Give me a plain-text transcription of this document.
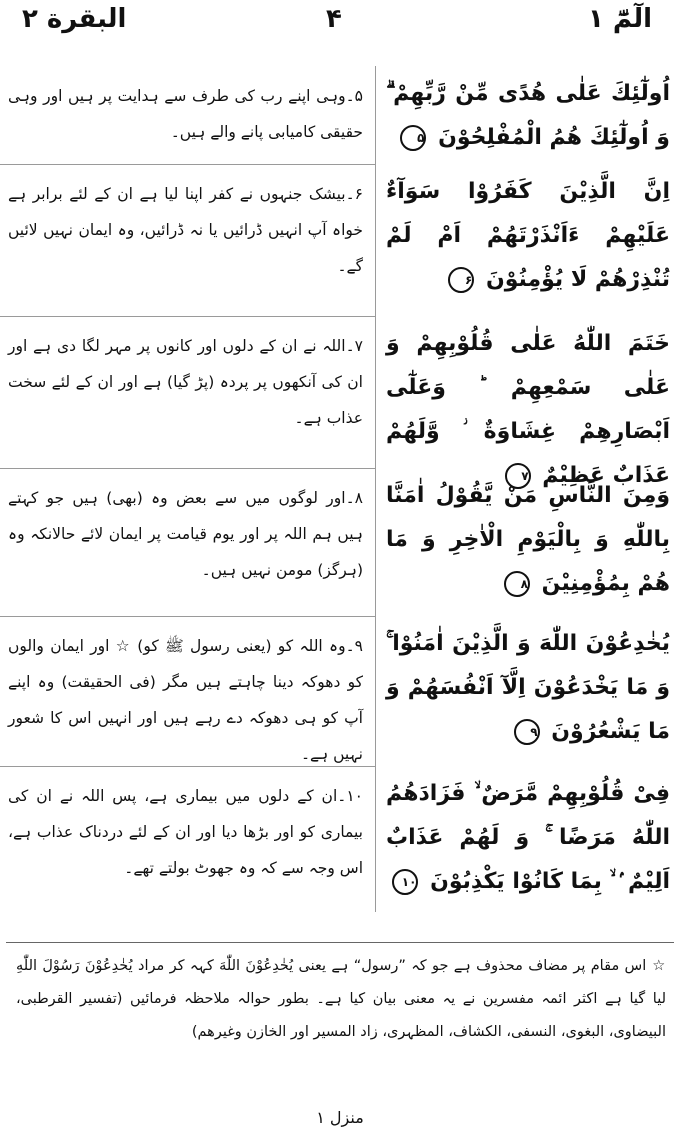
البقرة ۲	۴	الٓمّٓ ۱
اُولٰٓئِكَ عَلٰى هُدًى مِّنْ رَّبِّهِمْ ۗ وَ اُولٰٓئِكَ هُمُ الْمُفْلِحُوْنَ ۵
۵۔وہی اپنے رب کی طرف سے ہدایت پر ہیں اور وہی حقیقی کامیابی پانے والے ہیں۔
اِنَّ الَّذِيْنَ كَفَرُوْا سَوَآءٌ عَلَيْهِمْ ءَاَنْذَرْتَهُمْ اَمْ لَمْ تُنْذِرْهُمْ لَا يُؤْمِنُوْنَ ۶
۶۔بیشک جنہوں نے کفر اپنا لیا ہے ان کے لئے برابر ہے خواہ آپ انہیں ڈرائیں یا نہ ڈرائیں، وہ ایمان نہیں لائیں گے۔
خَتَمَ اللّٰهُ عَلٰى قُلُوْبِهِمْ وَ عَلٰى سَمْعِهِمْ ؕ وَعَلٰٓى اَبْصَارِهِمْ غِشَاوَةٌ ؗ وَّلَهُمْ عَذَابٌ عَظِيْمٌ ۷
۷۔اللہ نے ان کے دلوں اور کانوں پر مہر لگا دی ہے اور ان کی آنکھوں پر پردہ (پڑ گیا) ہے اور ان کے لئے سخت عذاب ہے۔
وَمِنَ النَّاسِ مَنْ يَّقُوْلُ اٰمَنَّا بِاللّٰهِ وَ بِالْيَوْمِ الْاٰخِرِ وَ مَا هُمْ بِمُؤْمِنِيْنَ ۸
۸۔اور لوگوں میں سے بعض وہ (بھی) ہیں جو کہتے ہیں ہم اللہ پر اور یوم قیامت پر ایمان لائے حالانکہ وہ (ہرگز) مومن نہیں ہیں۔
يُخٰدِعُوْنَ اللّٰهَ وَ الَّذِيْنَ اٰمَنُوْا ۚ وَ مَا يَخْدَعُوْنَ اِلَّآ اَنْفُسَهُمْ وَ مَا يَشْعُرُوْنَ ۹
۹۔وہ اللہ کو (یعنی رسول ﷺ کو) ☆ اور ایمان والوں کو دھوکہ دینا چاہتے ہیں مگر (فی الحقیقت) وہ اپنے آپ کو ہی دھوکہ دے رہے ہیں اور انہیں اس کا شعور نہیں ہے۔
فِىْ قُلُوْبِهِمْ مَّرَضٌ ۙ فَزَادَهُمُ اللّٰهُ مَرَضًا ۚ وَ لَهُمْ عَذَابٌ اَلِيْمٌ ۢ ۙ بِمَا كَانُوْا يَكْذِبُوْنَ ۱۰
۱۰۔ان کے دلوں میں بیماری ہے، پس اللہ نے ان کی بیماری کو اور بڑھا دیا اور ان کے لئے دردناک عذاب ہے، اس وجہ سے کہ وہ جھوٹ بولتے تھے۔
☆اس مقام پر مضاف محذوف ہے جو کہ ”رسول“ ہے یعنی يُخٰدِعُوْنَ اللّٰهَ کہہ کر مراد يُخٰدِعُوْنَ رَسُوْلَ اللّٰهِ لیا گیا ہے اکثر ائمہ مفسرین نے یہ معنی بیان کیا ہے۔ بطور حوالہ ملاحظہ فرمائیں (تفسیر القرطبی، البیضاوی، البغوی، النسفی، الکشاف، المظہری، زاد المسیر اور الخازن وغیرھم)
منزل ۱
